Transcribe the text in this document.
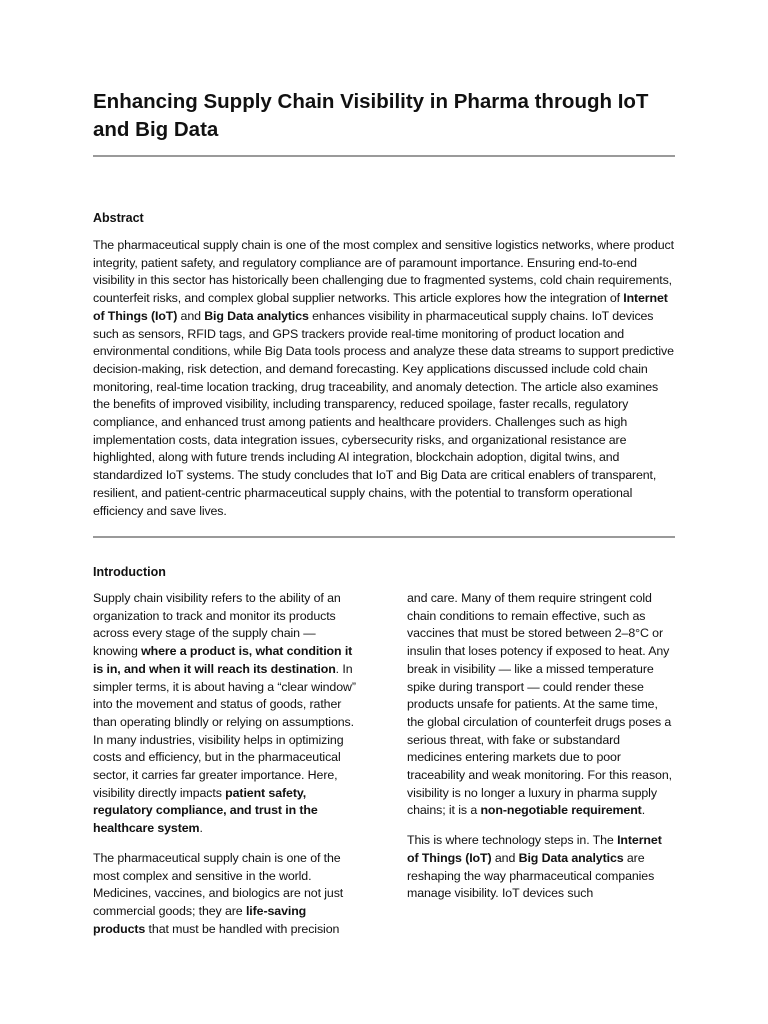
Enhancing Supply Chain Visibility in Pharma through IoT and Big Data
Abstract

The pharmaceutical supply chain is one of the most complex and sensitive logistics networks, where product integrity, patient safety, and regulatory compliance are of paramount importance. Ensuring end-to-end visibility in this sector has historically been challenging due to fragmented systems, cold chain requirements, counterfeit risks, and complex global supplier networks. This article explores how the integration of Internet of Things (IoT) and Big Data analytics enhances visibility in pharmaceutical supply chains. IoT devices such as sensors, RFID tags, and GPS trackers provide real-time monitoring of product location and environmental conditions, while Big Data tools process and analyze these data streams to support predictive decision-making, risk detection, and demand forecasting. Key applications discussed include cold chain monitoring, real-time location tracking, drug traceability, and anomaly detection. The article also examines the benefits of improved visibility, including transparency, reduced spoilage, faster recalls, regulatory compliance, and enhanced trust among patients and healthcare providers. Challenges such as high implementation costs, data integration issues, cybersecurity risks, and organizational resistance are highlighted, along with future trends including AI integration, blockchain adoption, digital twins, and standardized IoT systems. The study concludes that IoT and Big Data are critical enablers of transparent, resilient, and patient-centric pharmaceutical supply chains, with the potential to transform operational efficiency and save lives.

Introduction

Supply chain visibility refers to the ability of an organization to track and monitor its products across every stage of the supply chain — knowing where a product is, what condition it is in, and when it will reach its destination. In simpler terms, it is about having a “clear window” into the movement and status of goods, rather than operating blindly or relying on assumptions. In many industries, visibility helps in optimizing costs and efficiency, but in the pharmaceutical sector, it carries far greater importance. Here, visibility directly impacts patient safety, regulatory compliance, and trust in the healthcare system.

The pharmaceutical supply chain is one of the most complex and sensitive in the world. Medicines, vaccines, and biologics are not just commercial goods; they are life-saving products that must be handled with precision and care. Many of them require stringent cold chain conditions to remain effective, such as vaccines that must be stored between 2–8°C or insulin that loses potency if exposed to heat. Any break in visibility — like a missed temperature spike during transport — could render these products unsafe for patients. At the same time, the global circulation of counterfeit drugs poses a serious threat, with fake or substandard medicines entering markets due to poor traceability and weak monitoring. For this reason, visibility is no longer a luxury in pharma supply chains; it is a non-negotiable requirement.

This is where technology steps in. The Internet of Things (IoT) and Big Data analytics are reshaping the way pharmaceutical companies manage visibility. IoT devices such
